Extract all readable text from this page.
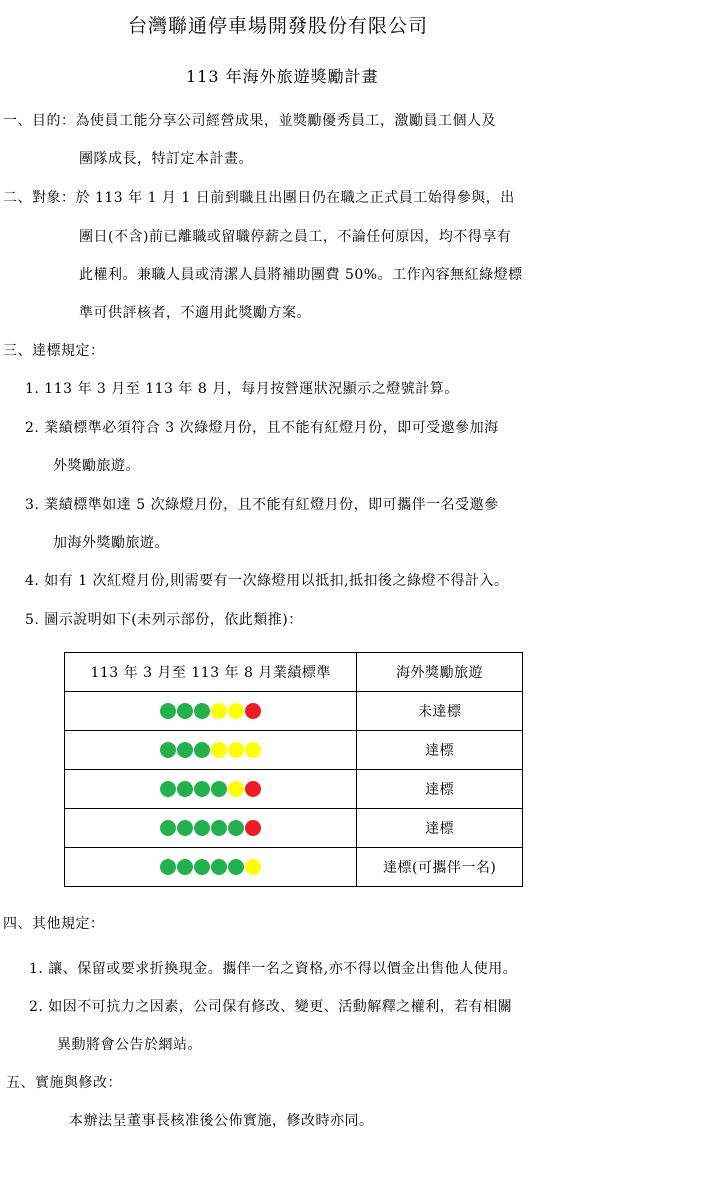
台灣聯通停車場開發股份有限公司
113 年海外旅遊獎勵計畫
一、目的：為使員工能分享公司經營成果，並獎勵優秀員工，激勵員工個人及
團隊成長，特訂定本計畫。
二、對象：於 113 年 1 月 1 日前到職且出團日仍在職之正式員工始得參與，出
團日(不含)前已離職或留職停薪之員工，不論任何原因，均不得享有
此權利。兼職人員或清潔人員將補助團費 50%。工作內容無紅綠燈標
準可供評核者，不適用此獎勵方案。
三、達標規定：
1. 113 年 3 月至 113 年 8 月，每月按營運狀況顯示之燈號計算。
2. 業績標準必須符合 3 次綠燈月份，且不能有紅燈月份，即可受邀參加海
外獎勵旅遊。
3. 業績標準如達 5 次綠燈月份，且不能有紅燈月份，即可攜伴一名受邀參
加海外獎勵旅遊。
4. 如有 1 次紅燈月份,則需要有一次綠燈用以抵扣,抵扣後之綠燈不得計入。
5. 圖示說明如下(未列示部份，依此類推)：
113 年 3 月至 113 年 8 月業績標準	海外獎勵旅遊
	未達標
	達標
	達標
	達標
	達標(可攜伴一名)
四、其他規定：
1. 讓、保留或要求折換現金。攜伴一名之資格,亦不得以價金出售他人使用。
2. 如因不可抗力之因素，公司保有修改、變更、活動解釋之權利，若有相關
異動將會公告於網站。
五、實施與修改：
本辦法呈董事長核准後公佈實施，修改時亦同。
